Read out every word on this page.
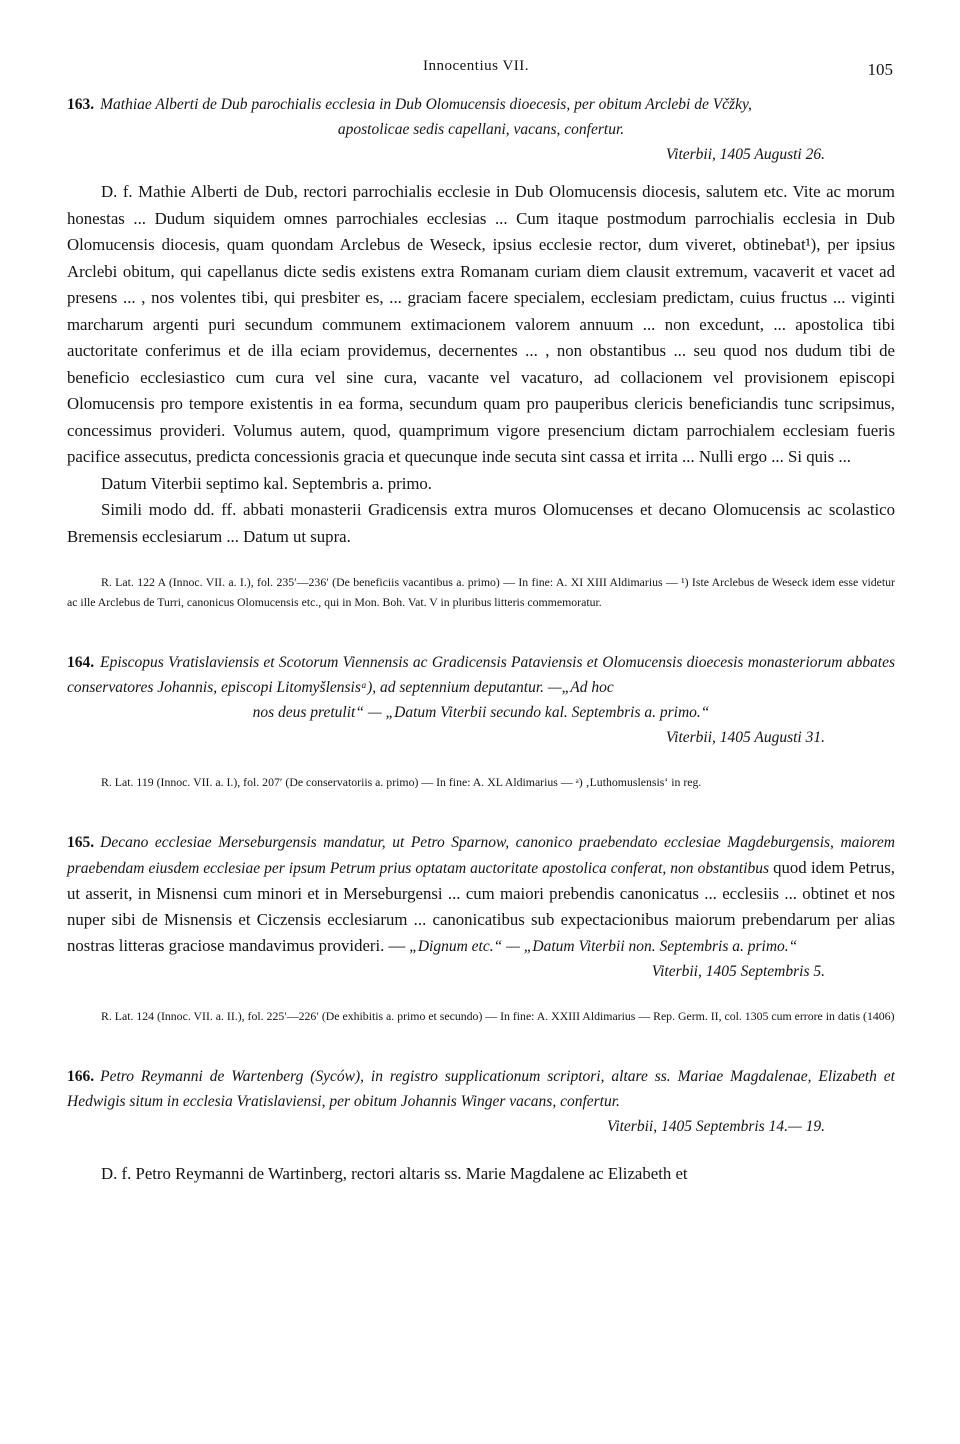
Innocentius VII.	105

163. Mathiae Alberti de Dub parochialis ecclesia in Dub Olomucensis dioecesis, per obitum Arclebi de Včžky,

apostolicae sedis capellani, vacans, confertur.

Viterbii, 1405 Augusti 26.

D. f. Mathie Alberti de Dub, rectori parrochialis ecclesie in Dub Olomucensis diocesis, salutem etc. Vite ac morum honestas ... Dudum siquidem omnes parrochiales ecclesias ... Cum itaque postmodum parrochialis ecclesia in Dub Olomucensis diocesis, quam quondam Arclebus de Weseck, ipsius ecclesie rector, dum viveret, obtinebat¹), per ipsius Arclebi obitum, qui capellanus dicte sedis existens extra Romanam curiam diem clausit extremum, vacaverit et vacet ad presens ... , nos volentes tibi, qui presbiter es, ... graciam facere specialem, ecclesiam predictam, cuius fructus ... viginti marcharum argenti puri secundum communem extimacionem valorem annuum ... non excedunt, ... apostolica tibi auctoritate conferimus et de illa eciam providemus, decernentes ... , non obstantibus ... seu quod nos dudum tibi de beneficio ecclesiastico cum cura vel sine cura, vacante vel vacaturo, ad collacionem vel provisionem episcopi Olomucensis pro tempore existentis in ea forma, secundum quam pro pauperibus clericis beneficiandis tunc scripsimus, concessimus provideri. Volumus autem, quod, quamprimum vigore presencium dictam parrochialem ecclesiam fueris pacifice assecutus, predicta concessionis gracia et quecunque inde secuta sint cassa et irrita ... Nulli ergo ... Si quis ...

Datum Viterbii septimo kal. Septembris a. primo.

Simili modo dd. ff. abbati monasterii Gradicensis extra muros Olomucenses et decano Olomucensis ac scolastico Bremensis ecclesiarum ... Datum ut supra.

R. Lat. 122 A (Innoc. VII. a. I.), fol. 235′—236′ (De beneficiis vacantibus a. primo) — In fine: A. XI XIII Aldimarius — ¹) Iste Arclebus de Weseck idem esse videtur ac ille Arclebus de Turri, canonicus Olomucensis etc., qui in Mon. Boh. Vat. V in pluribus litteris commemoratur.

164. Episcopus Vratislaviensis et Scotorum Viennensis ac Gradicensis Pataviensis et Olomucensis dioecesis monasteriorum abbates conservatores Johannis, episcopi Litomyšlensisᵃ), ad septennium deputantur. —„Ad hoc

nos deus pretulit“ — „Datum Viterbii secundo kal. Septembris a. primo.“

Viterbii, 1405 Augusti 31.

R. Lat. 119 (Innoc. VII. a. I.), fol. 207′ (De conservatoriis a. primo) — In fine: A. XL Aldimarius — ᵃ) ‚Luthomuslensis‘ in reg.

165. Decano ecclesiae Merseburgensis mandatur, ut Petro Sparnow, canonico praebendato ecclesiae Magdeburgensis, maiorem praebendam eiusdem ecclesiae per ipsum Petrum prius optatam auctoritate apostolica conferat, non obstantibus quod idem Petrus, ut asserit, in Misnensi cum minori et in Merseburgensi ... cum maiori prebendis canonicatus ... ecclesiis ... obtinet et nos nuper sibi de Misnensis et Ciczensis ecclesiarum ... canonicatibus sub expectacionibus maiorum prebendarum per alias nostras litteras graciose mandavimus provideri. — „Dignum etc.“ — „Datum Viterbii non. Septembris a. primo.“

Viterbii, 1405 Septembris 5.

R. Lat. 124 (Innoc. VII. a. II.), fol. 225′—226′ (De exhibitis a. primo et secundo) — In fine: A. XXIII Aldimarius — Rep. Germ. II, col. 1305 cum errore in datis (1406)

166. Petro Reymanni de Wartenberg (Syców), in registro supplicationum scriptori, altare ss. Mariae Magdalenae, Elizabeth et Hedwigis situm in ecclesia Vratislaviensi, per obitum Johannis Winger vacans, confertur.

Viterbii, 1405 Septembris 14.— 19.

D. f. Petro Reymanni de Wartinberg, rectori altaris ss. Marie Magdalene ac Elizabeth et
